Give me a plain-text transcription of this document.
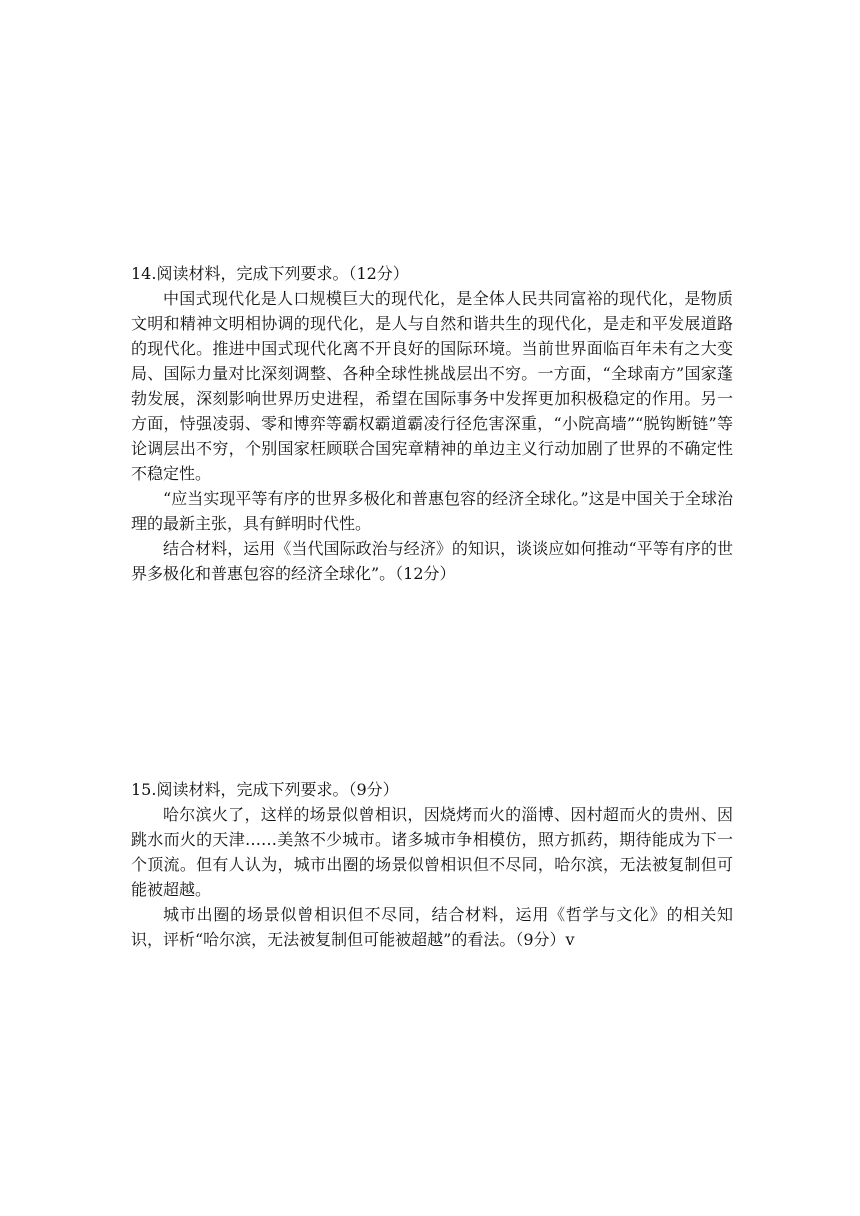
14.阅读材料，完成下列要求。（12分）

中国式现代化是人口规模巨大的现代化，是全体人民共同富裕的现代化，是物质文明和精神文明相协调的现代化，是人与自然和谐共生的现代化，是走和平发展道路的现代化。推进中国式现代化离不开良好的国际环境。当前世界面临百年未有之大变局、国际力量对比深刻调整、各种全球性挑战层出不穷。一方面，“全球南方”国家蓬勃发展，深刻影响世界历史进程，希望在国际事务中发挥更加积极稳定的作用。另一方面，恃强凌弱、零和博弈等霸权霸道霸凌行径危害深重，“小院高墙”“脱钩断链”等论调层出不穷，个别国家枉顾联合国宪章精神的单边主义行动加剧了世界的不确定性不稳定性。

“应当实现平等有序的世界多极化和普惠包容的经济全球化。”这是中国关于全球治理的最新主张，具有鲜明时代性。

结合材料，运用《当代国际政治与经济》的知识，谈谈应如何推动“平等有序的世界多极化和普惠包容的经济全球化”。（12分）

15.阅读材料，完成下列要求。（9分）

哈尔滨火了，这样的场景似曾相识，因烧烤而火的淄博、因村超而火的贵州、因跳水而火的天津……美煞不少城市。诸多城市争相模仿，照方抓药，期待能成为下一个顶流。但有人认为，城市出圈的场景似曾相识但不尽同，哈尔滨，无法被复制但可能被超越。

城市出圈的场景似曾相识但不尽同，结合材料，运用《哲学与文化》的相关知识，评析“哈尔滨，无法被复制但可能被超越”的看法。（9分）v
